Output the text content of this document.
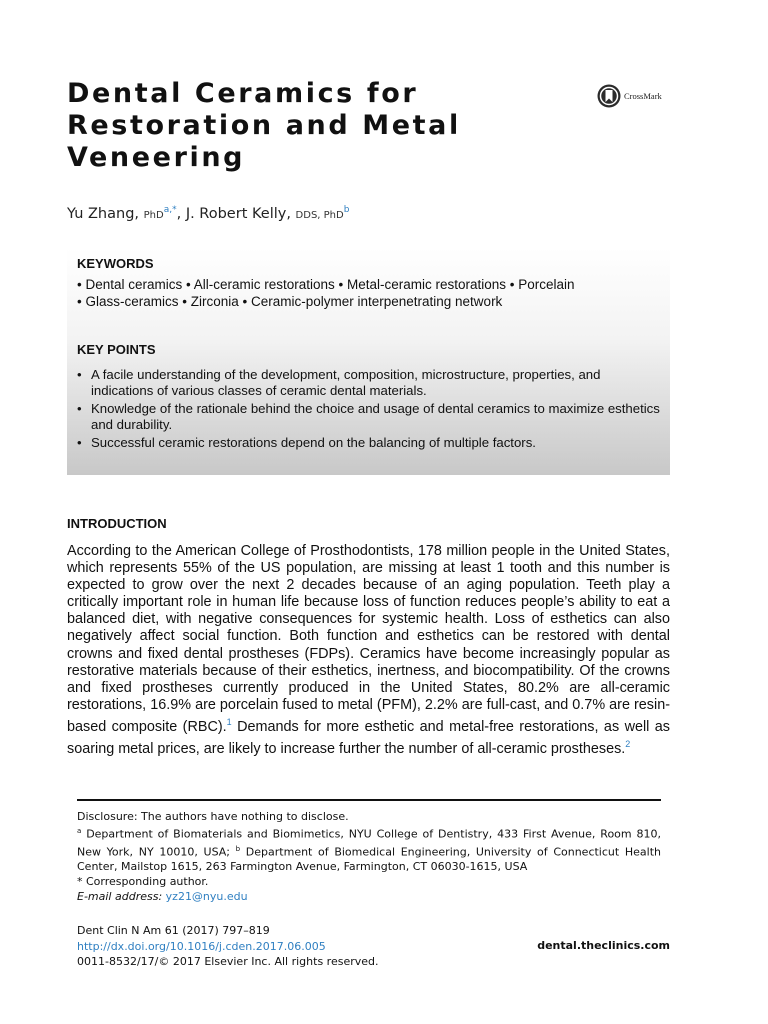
Dental Ceramics for Restoration and Metal Veneering
CrossMark
Yu Zhang, PhD$^{a,*}$, J. Robert Kelly, DDS, PhD$^b$
KEYWORDS
• Dental ceramics • All-ceramic restorations • Metal-ceramic restorations • Porcelain
• Glass-ceramics • Zirconia • Ceramic-polymer interpenetrating network
KEY POINTS
• A facile understanding of the development, composition, microstructure, properties, and indications of various classes of ceramic dental materials.
• Knowledge of the rationale behind the choice and usage of dental ceramics to maximize esthetics and durability.
• Successful ceramic restorations depend on the balancing of multiple factors.
INTRODUCTION

According to the American College of Prosthodontists, 178 million people in the United States, which represents 55% of the US population, are missing at least 1 tooth and this number is expected to grow over the next 2 decades because of an aging population. Teeth play a critically important role in human life because loss of function reduces people’s ability to eat a balanced diet, with negative consequences for systemic health. Loss of esthetics can also negatively affect social function. Both function and esthetics can be restored with dental crowns and fixed dental prostheses (FDPs). Ceramics have become increasingly popular as restorative materials because of their esthetics, inertness, and biocompatibility. Of the crowns and fixed prostheses currently produced in the United States, 80.2% are all-ceramic restorations, 16.9% are porcelain fused to metal (PFM), 2.2% are full-cast, and 0.7% are resin-based composite (RBC).$^1$ Demands for more esthetic and metal-free restorations, as well as soaring metal prices, are likely to increase further the number of all-ceramic prostheses.$^2$

Disclosure: The authors have nothing to disclose.

$^a$ Department of Biomaterials and Biomimetics, NYU College of Dentistry, 433 First Avenue, Room 810, New York, NY 10010, USA; $^b$ Department of Biomedical Engineering, University of Connecticut Health Center, Mailstop 1615, 263 Farmington Avenue, Farmington, CT 06030-1615, USA

* Corresponding author.

E-mail address: yz21@nyu.edu

Dent Clin N Am 61 (2017) 797–819
http://dx.doi.org/10.1016/j.cden.2017.06.005
0011-8532/17/© 2017 Elsevier Inc. All rights reserved.
dental.theclinics.com
